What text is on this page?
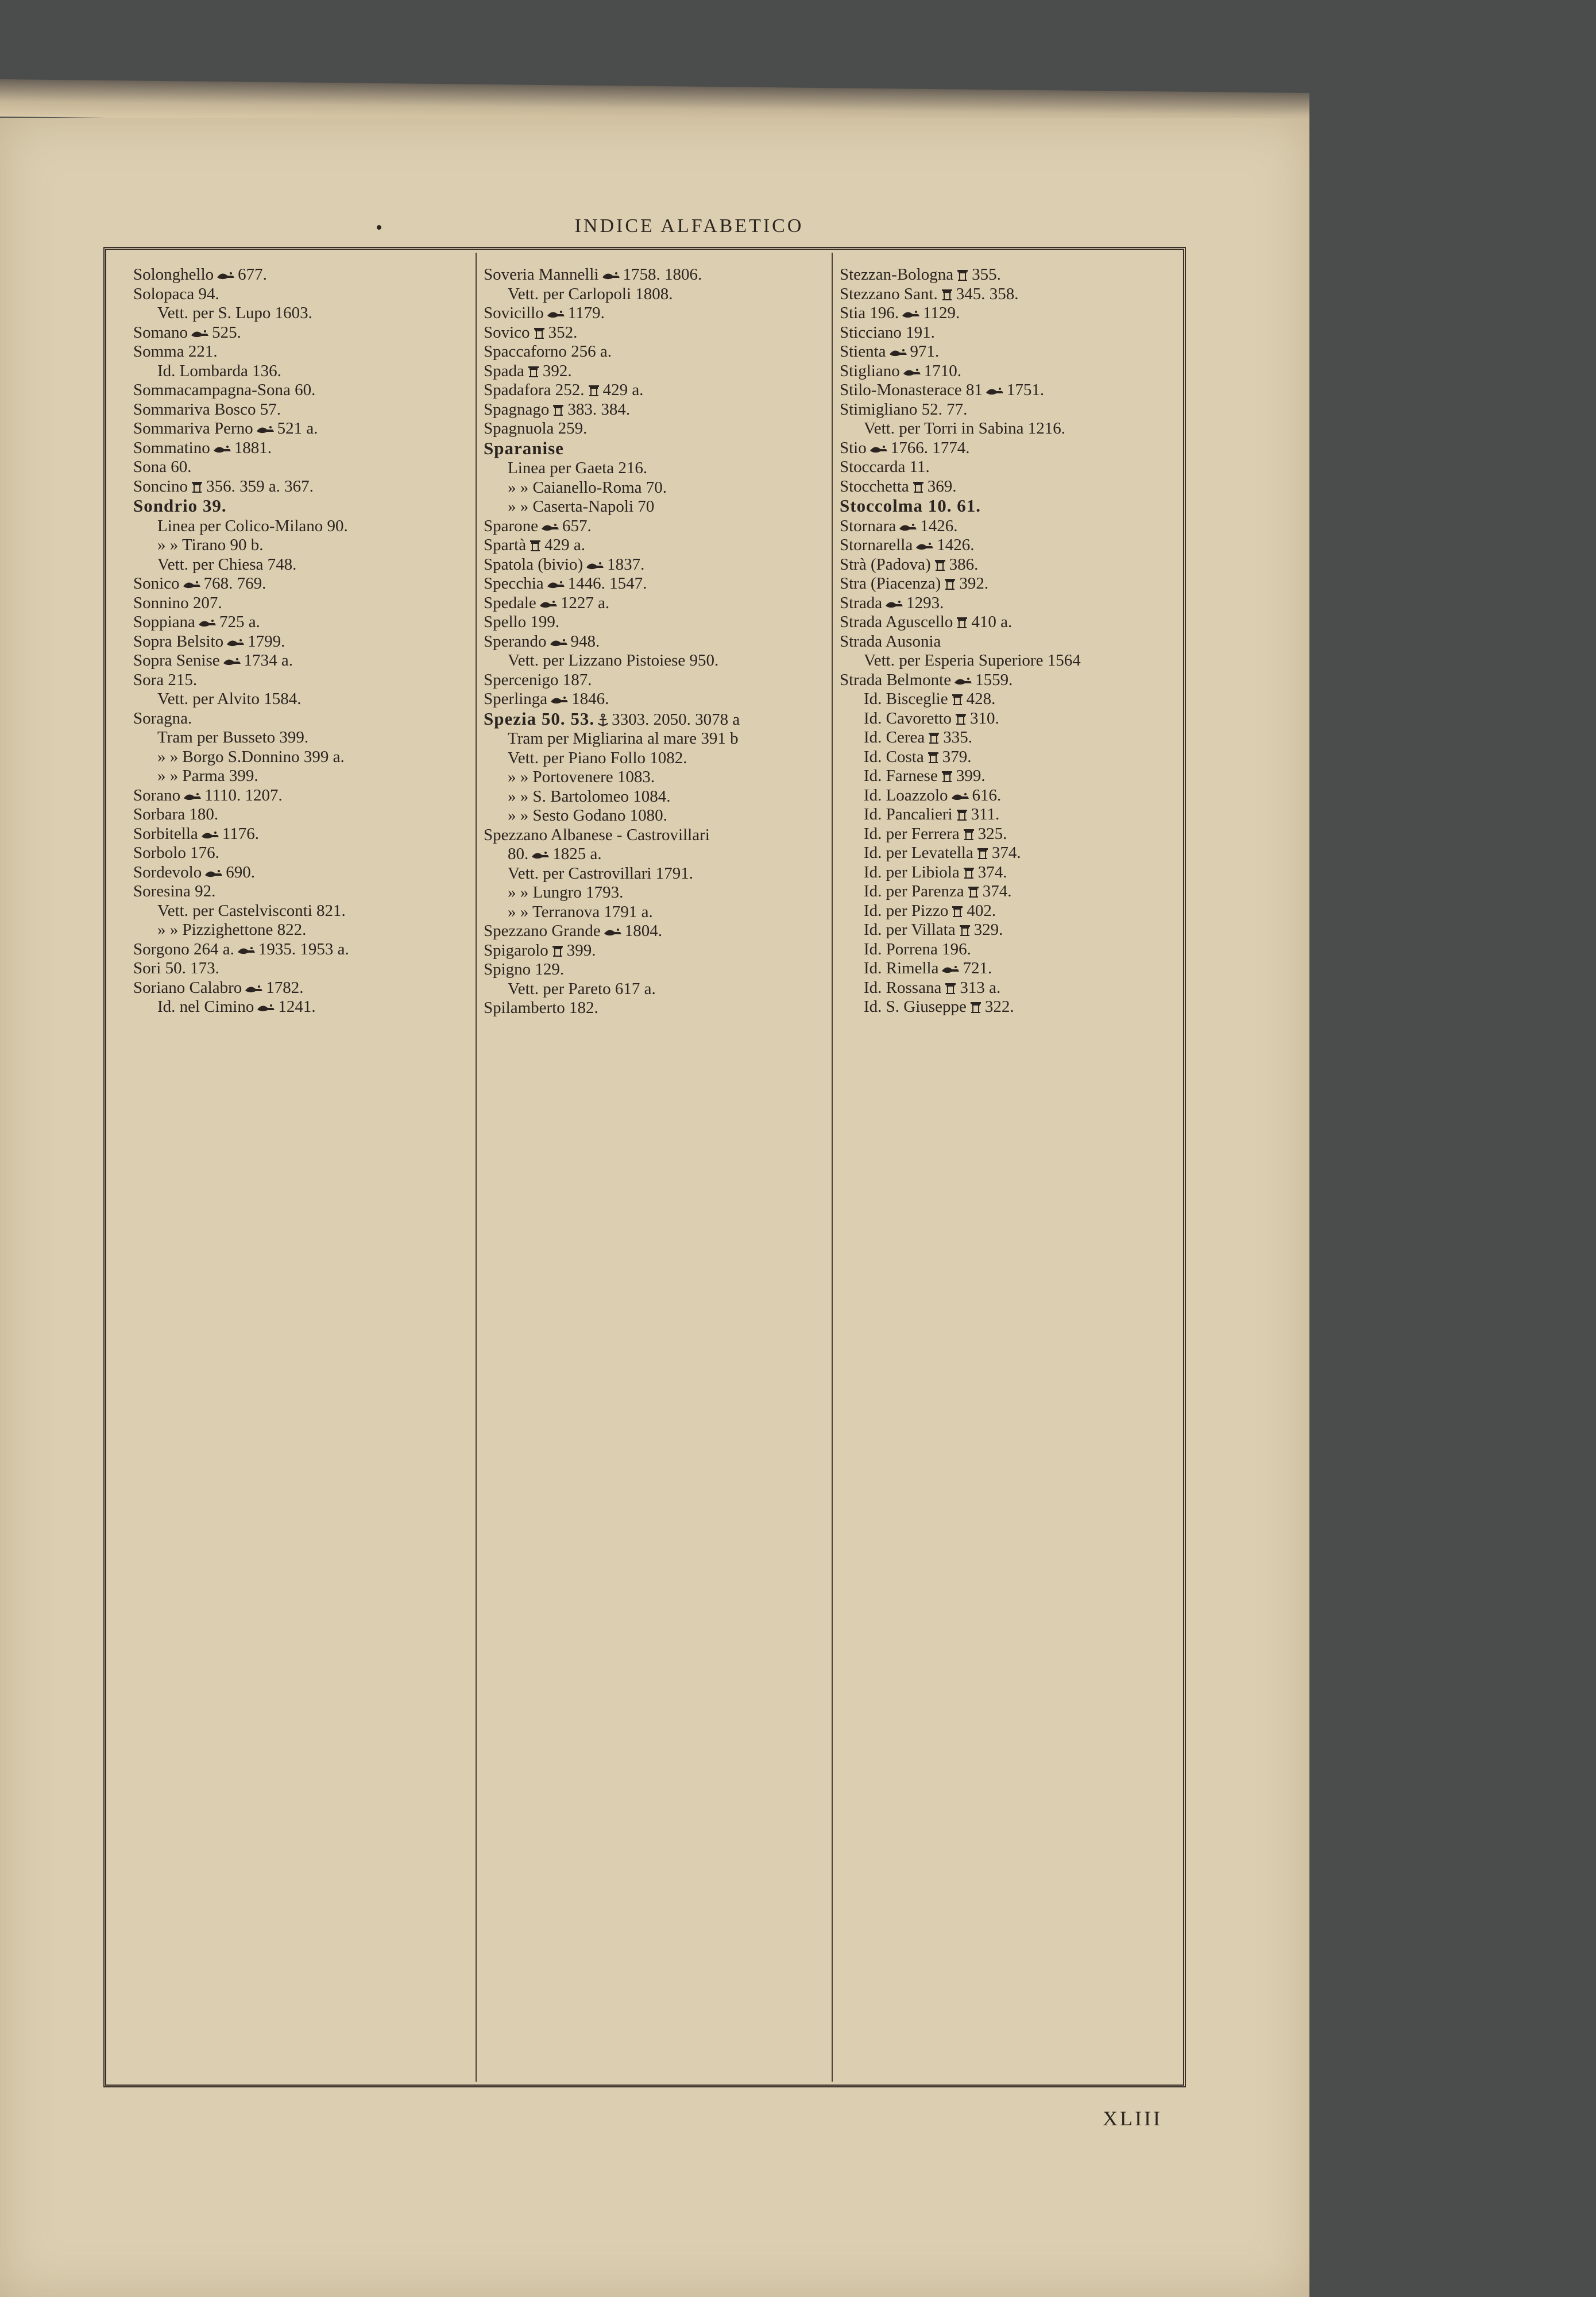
INDICE ALFABETICO
Solonghello 677.
Solopaca 94.
Vett. per S. Lupo 1603.
Somano 525.
Somma 221.
Id. Lombarda 136.
Sommacampagna-Sona 60.
Sommariva Bosco 57.
Sommariva Perno 521 a.
Sommatino 1881.
Sona 60.
Soncino 356. 359 a. 367.
Sondrio 39.
Linea per Colico-Milano 90.
» » Tirano 90 b.
Vett. per Chiesa 748.
Sonico 768. 769.
Sonnino 207.
Soppiana 725 a.
Sopra Belsito 1799.
Sopra Senise 1734 a.
Sora 215.
Vett. per Alvito 1584.
Soragna.
Tram per Busseto 399.
» » Borgo S.Donnino 399 a.
» » Parma 399.
Sorano 1110. 1207.
Sorbara 180.
Sorbitella 1176.
Sorbolo 176.
Sordevolo 690.
Soresina 92.
Vett. per Castelvisconti 821.
» » Pizzighettone 822.
Sorgono 264 a. 1935. 1953 a.
Sori 50. 173.
Soriano Calabro 1782.
Id. nel Cimino 1241.
Soveria Mannelli 1758. 1806.
Vett. per Carlopoli 1808.
Sovicillo 1179.
Sovico 352.
Spaccaforno 256 a.
Spada 392.
Spadafora 252. 429 a.
Spagnago 383. 384.
Spagnuola 259.
Sparanise
Linea per Gaeta 216.
» » Caianello-Roma 70.
» » Caserta-Napoli 70
Sparone 657.
Spartà 429 a.
Spatola (bivio) 1837.
Specchia 1446. 1547.
Spedale 1227 a.
Spello 199.
Sperando 948.
Vett. per Lizzano Pistoiese 950.
Spercenigo 187.
Sperlinga 1846.
Spezia 50. 53. 3303. 2050. 3078 a
Tram per Migliarina al mare 391 b
Vett. per Piano Follo 1082.
» » Portovenere 1083.
» » S. Bartolomeo 1084.
» » Sesto Godano 1080.
Spezzano Albanese - Castrovillari
80. 1825 a.
Vett. per Castrovillari 1791.
» » Lungro 1793.
» » Terranova 1791 a.
Spezzano Grande 1804.
Spigarolo 399.
Spigno 129.
Vett. per Pareto 617 a.
Spilamberto 182.
Stezzan-Bologna 355.
Stezzano Sant. 345. 358.
Stia 196. 1129.
Sticciano 191.
Stienta 971.
Stigliano 1710.
Stilo-Monasterace 81 1751.
Stimigliano 52. 77.
Vett. per Torri in Sabina 1216.
Stio 1766. 1774.
Stoccarda 11.
Stocchetta 369.
Stoccolma 10. 61.
Stornara 1426.
Stornarella 1426.
Strà (Padova) 386.
Stra (Piacenza) 392.
Strada 1293.
Strada Aguscello 410 a.
Strada Ausonia
Vett. per Esperia Superiore 1564
Strada Belmonte 1559.
Id. Bisceglie 428.
Id. Cavoretto 310.
Id. Cerea 335.
Id. Costa 379.
Id. Farnese 399.
Id. Loazzolo 616.
Id. Pancalieri 311.
Id. per Ferrera 325.
Id. per Levatella 374.
Id. per Libiola 374.
Id. per Parenza 374.
Id. per Pizzo 402.
Id. per Villata 329.
Id. Porrena 196.
Id. Rimella 721.
Id. Rossana 313 a.
Id. S. Giuseppe 322.
XLIII
